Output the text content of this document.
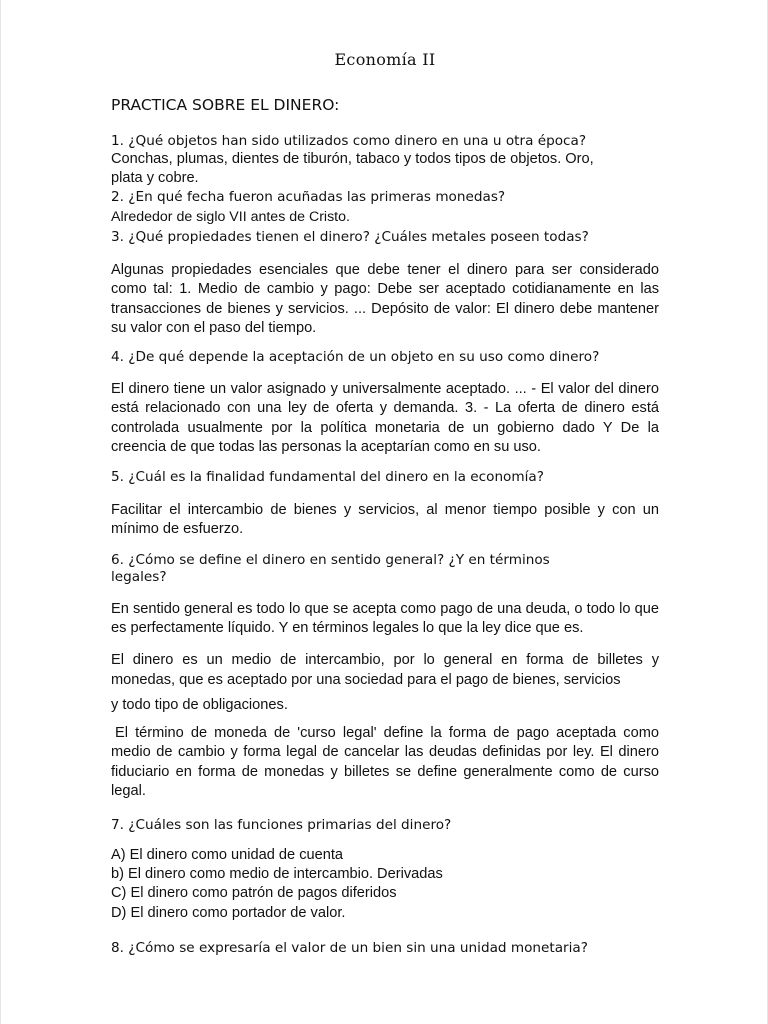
Economía II
PRACTICA SOBRE EL DINERO:
1. ¿Qué objetos han sido utilizados como dinero en una u otra época?
Conchas, plumas, dientes de tiburón, tabaco y todos tipos de objetos. Oro,
plata y cobre.
2. ¿En qué fecha fueron acuñadas las primeras monedas?
Alrededor de siglo VII antes de Cristo.
3. ¿Qué propiedades tienen el dinero? ¿Cuáles metales poseen todas?
Algunas propiedades esenciales que debe tener el dinero para ser considerado como tal: 1. Medio de cambio y pago: Debe ser aceptado cotidianamente en las transacciones de bienes y servicios. ... Depósito de valor: El dinero debe mantener su valor con el paso del tiempo.
4. ¿De qué depende la aceptación de un objeto en su uso como dinero?
El dinero tiene un valor asignado y universalmente aceptado. ... - El valor del dinero está relacionado con una ley de oferta y demanda. 3. - La oferta de dinero está controlada usualmente por la política monetaria de un gobierno dado Y De la creencia de que todas las personas la aceptarían como en su uso.
5. ¿Cuál es la finalidad fundamental del dinero en la economía?
Facilitar el intercambio de bienes y servicios, al menor tiempo posible y con un mínimo de esfuerzo.
6. ¿Cómo se define el dinero en sentido general? ¿Y en términos
legales?
En sentido general es todo lo que se acepta como pago de una deuda, o todo lo que es perfectamente líquido. Y en términos legales lo que la ley dice que es.
El dinero es un medio de intercambio, por lo general en forma de billetes y monedas, que es aceptado por una sociedad para el pago de bienes, servicios
y todo tipo de obligaciones.
El término de moneda de 'curso legal' define la forma de pago aceptada como medio de cambio y forma legal de cancelar las deudas definidas por ley. El dinero fiduciario en forma de monedas y billetes se define generalmente como de curso legal.
7. ¿Cuáles son las funciones primarias del dinero?
A) El dinero como unidad de cuenta
b) El dinero como medio de intercambio. Derivadas
C) El dinero como patrón de pagos diferidos
D) El dinero como portador de valor.
8. ¿Cómo se expresaría el valor de un bien sin una unidad monetaria?
